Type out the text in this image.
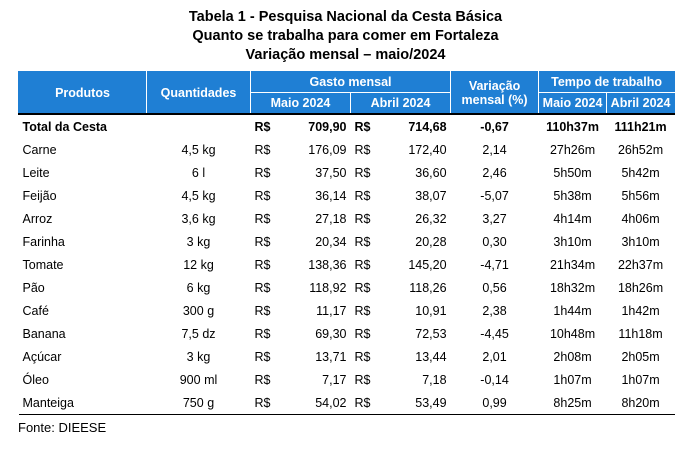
Tabela 1 - Pesquisa Nacional da Cesta Básica
Quanto se trabalha para comer em Fortaleza
Variação mensal – maio/2024
Produtos	Quantidades	Gasto mensal				Variação mensal (%)	Tempo de trabalho	
		Maio 2024		Abril 2024			Maio 2024	Abril 2024
Total da Cesta		R$	709,90	R$	714,68	-0,67	110h37m	111h21m
Carne	4,5 kg	R$	176,09	R$	172,40	2,14	27h26m	26h52m
Leite	6 l	R$	37,50	R$	36,60	2,46	5h50m	5h42m
Feijão	4,5 kg	R$	36,14	R$	38,07	-5,07	5h38m	5h56m
Arroz	3,6 kg	R$	27,18	R$	26,32	3,27	4h14m	4h06m
Farinha	3 kg	R$	20,34	R$	20,28	0,30	3h10m	3h10m
Tomate	12 kg	R$	138,36	R$	145,20	-4,71	21h34m	22h37m
Pão	6 kg	R$	118,92	R$	118,26	0,56	18h32m	18h26m
Café	300 g	R$	11,17	R$	10,91	2,38	1h44m	1h42m
Banana	7,5 dz	R$	69,30	R$	72,53	-4,45	10h48m	11h18m
Açúcar	3 kg	R$	13,71	R$	13,44	2,01	2h08m	2h05m
Óleo	900 ml	R$	7,17	R$	7,18	-0,14	1h07m	1h07m
Manteiga	750 g	R$	54,02	R$	53,49	0,99	8h25m	8h20m
Fonte: DIEESE
